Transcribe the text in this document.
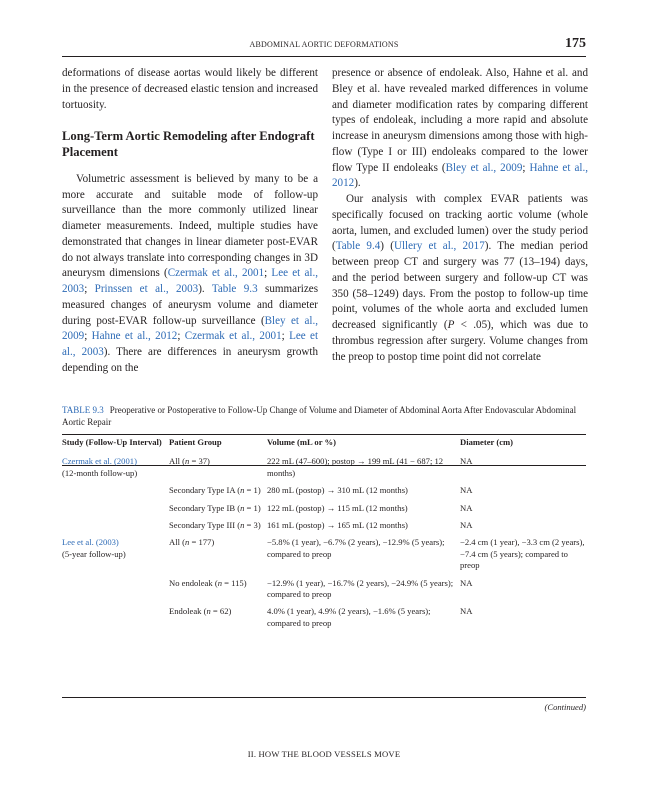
ABDOMINAL AORTIC DEFORMATIONS	175

deformations of disease aortas would likely be different in the presence of decreased elastic tension and increased tortuosity.

Long-Term Aortic Remodeling after Endograft Placement

Volumetric assessment is believed by many to be a more accurate and suitable mode of follow-up surveillance than the more commonly utilized linear diameter measurements. Indeed, multiple studies have demonstrated that changes in linear diameter post-EVAR do not always translate into corresponding changes in 3D aneurysm dimensions (Czermak et al., 2001; Lee et al., 2003; Prinssen et al., 2003). Table 9.3 summarizes measured changes of aneurysm volume and diameter during post-EVAR follow-up surveillance (Bley et al., 2009; Hahne et al., 2012; Czermak et al., 2001; Lee et al., 2003). There are differences in aneurysm growth depending on the

presence or absence of endoleak. Also, Hahne et al. and Bley et al. have revealed marked differences in volume and diameter modification rates by comparing different types of endoleak, including a more rapid and absolute increase in aneurysm dimensions among those with high-flow (Type I or III) endoleaks compared to the lower flow Type II endoleaks (Bley et al., 2009; Hahne et al., 2012).

Our analysis with complex EVAR patients was specifically focused on tracking aortic volume (whole aorta, lumen, and excluded lumen) over the study period (Table 9.4) (Ullery et al., 2017). The median period between preop CT and surgery was 77 (13–194) days, and the period between surgery and follow-up CT was 350 (58–1249) days. From the postop to follow-up time point, volumes of the whole aorta and excluded lumen decreased significantly (P < .05), which was due to thrombus regression after surgery. Volume changes from the preop to postop time point did not correlate

TABLE 9.3 Preoperative or Postoperative to Follow-Up Change of Volume and Diameter of Abdominal Aorta After Endovascular Abdominal Aortic Repair
Study (Follow-Up Interval)	Patient Group	Volume (mL or %)	Diameter (cm)
Czermak et al. (2001)
(12-month follow-up)	All (n = 37)	222 mL (47–600); postop → 199 mL (41 − 687; 12 months)	NA
	Secondary Type IA (n = 1)	280 mL (postop) → 310 mL (12 months)	NA
	Secondary Type IB (n = 1)	122 mL (postop) → 115 mL (12 months)	NA
	Secondary Type III (n = 3)	161 mL (postop) → 165 mL (12 months)	NA
Lee et al. (2003)
(5-year follow-up)	All (n = 177)	−5.8% (1 year), −6.7% (2 years), −12.9% (5 years); compared to preop	−2.4 cm (1 year), −3.3 cm (2 years), −7.4 cm (5 years); compared to preop
	No endoleak (n = 115)	−12.9% (1 year), −16.7% (2 years), −24.9% (5 years); compared to preop	NA
	Endoleak (n = 62)	4.0% (1 year), 4.9% (2 years), −1.6% (5 years); compared to preop	NA
(Continued)
II. HOW THE BLOOD VESSELS MOVE
